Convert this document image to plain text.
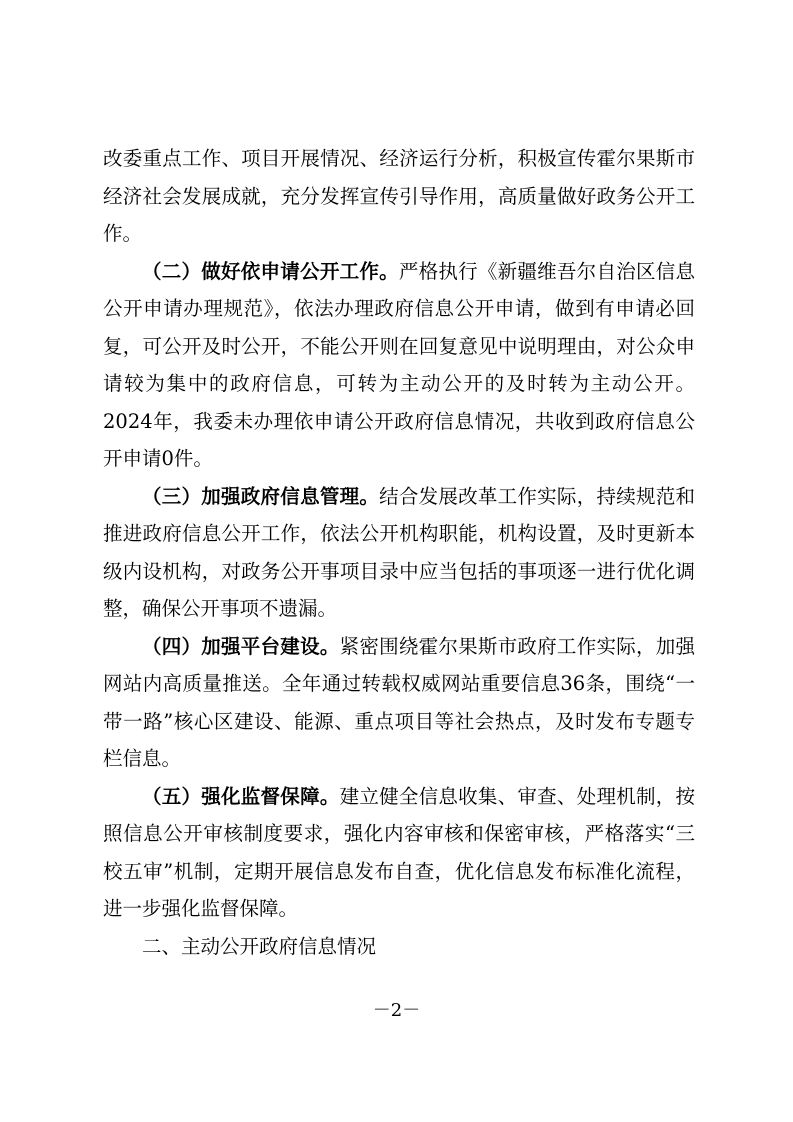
改委重点工作、项目开展情况、经济运行分析，积极宣传霍尔果斯市经济社会发展成就，充分发挥宣传引导作用，高质量做好政务公开工作。

（二）做好依申请公开工作。严格执行《新疆维吾尔自治区信息公开申请办理规范》，依法办理政府信息公开申请，做到有申请必回复，可公开及时公开，不能公开则在回复意见中说明理由，对公众申请较为集中的政府信息，可转为主动公开的及时转为主动公开。2024年，我委未办理依申请公开政府信息情况，共收到政府信息公开申请0件。

（三）加强政府信息管理。结合发展改革工作实际，持续规范和推进政府信息公开工作，依法公开机构职能，机构设置，及时更新本级内设机构，对政务公开事项目录中应当包括的事项逐一进行优化调整，确保公开事项不遗漏。

（四）加强平台建设。紧密围绕霍尔果斯市政府工作实际，加强网站内高质量推送。全年通过转载权威网站重要信息36条，围绕“一带一路”核心区建设、能源、重点项目等社会热点，及时发布专题专栏信息。

（五）强化监督保障。建立健全信息收集、审查、处理机制，按照信息公开审核制度要求，强化内容审核和保密审核，严格落实“三校五审”机制，定期开展信息发布自查，优化信息发布标准化流程，进一步强化监督保障。

二、主动公开政府信息情况

－2－
